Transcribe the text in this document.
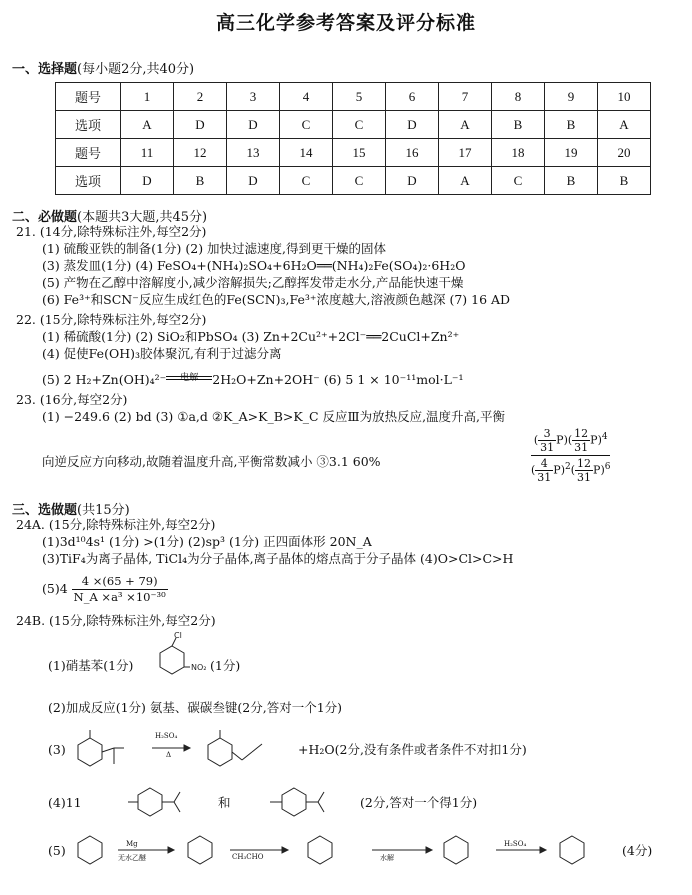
高三化学参考答案及评分标准
一、选择题(每小题2分,共40分)
题号	1	2	3	4	5	6	7	8	9	10
选项	A	D	D	C	C	D	A	B	B	A
题号	11	12	13	14	15	16	17	18	19	20
选项	D	B	D	C	C	D	A	C	B	B
二、必做题(本题共3大题,共45分)
21. (14分,除特殊标注外,每空2分)
(1) 硫酸亚铁的制备(1分) (2) 加快过滤速度,得到更干燥的固体
(3) 蒸发皿(1分) (4) FeSO₄+(NH₄)₂SO₄+6H₂O══(NH₄)₂Fe(SO₄)₂·6H₂O
(5) 产物在乙醇中溶解度小,减少溶解损失;乙醇挥发带走水分,产品能快速干燥
(6) Fe³⁺和SCN⁻反应生成红色的Fe(SCN)₃,Fe³⁺浓度越大,溶液颜色越深 (7) 16 AD
22. (15分,除特殊标注外,每空2分)
(1) 稀硫酸(1分) (2) SiO₂和PbSO₄ (3) Zn+2Cu²⁺+2Cl⁻══2CuCl+Zn²⁺
(4) 促使Fe(OH)₃胶体聚沉,有利于过滤分离
(5) 2 H₂+Zn(OH)₄²⁻	电解	2H₂O+Zn+2OH⁻ (6) 5 1 × 10⁻¹¹mol·L⁻¹
23. (16分,每空2分)
(1) −249.6 (2) bd (3) ①a,d ②K_A>K_B>K_C 反应Ⅲ为放热反应,温度升高,平衡
向逆反应方向移动,故随着温度升高,平衡常数减小 ③3.1 60%
( $\frac{3}{31} P)( \frac{12}{31} P)^4$
( $\frac{4}{31} P)^2( \frac{12}{31} P)^6$
三、选做题(共15分)
24A. (15分,除特殊标注外,每空2分)
(1)3d¹⁰4s¹ (1分) >(1分) (2)sp³ (1分) 正四面体形 20N_A
(3)TiF₄为离子晶体, TiCl₄为分子晶体,离子晶体的熔点高于分子晶体 (4)O>Cl>C>H
$(5)4 \frac{4 \times(65 + 79)}{\text{N\_A ×a³ ×10⁻³⁰}}$
24B. (15分,除特殊标注外,每空2分)
(1)硝基苯(1分)
Cl
NO₂ (1分)
(2)加成反应(1分) 氨基、碳碳叁键(2分,答对一个1分)
(3)
H₂SO₄
Δ	+H₂O(2分,没有条件或者条件不对扣1分)
(4)11	和	(2分,答对一个得1分)
(5)	Mg
无水乙醚	CH₃CHO	水解
H₂SO₄	(4分)
